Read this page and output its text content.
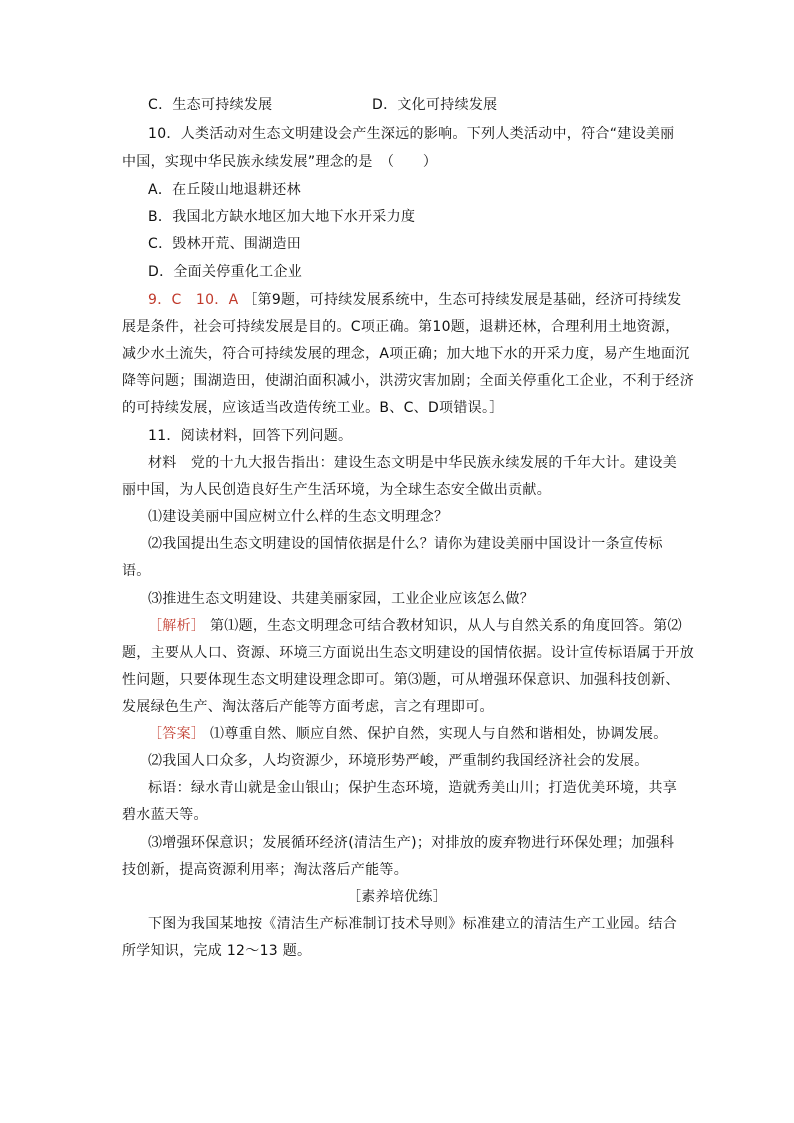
C．生态可持续发展	D．文化可持续发展
10．人类活动对生态文明建设会产生深远的影响。下列人类活动中，符合“建设美丽
中国，实现中华民族永续发展”理念的是　（　　）
A．在丘陵山地退耕还林
B．我国北方缺水地区加大地下水开采力度
C．毁林开荒、围湖造田
D．全面关停重化工企业
9．C　10．A ［第9题，可持续发展系统中，生态可持续发展是基础，经济可持续发
展是条件，社会可持续发展是目的。C项正确。第10题，退耕还林，合理利用土地资源，
减少水土流失，符合可持续发展的理念，A项正确；加大地下水的开采力度，易产生地面沉
降等问题；围湖造田，使湖泊面积减小，洪涝灾害加剧；全面关停重化工企业，不利于经济
的可持续发展，应该适当改造传统工业。B、C、D项错误。］
11．阅读材料，回答下列问题。
材料　党的十九大报告指出：建设生态文明是中华民族永续发展的千年大计。建设美
丽中国，为人民创造良好生产生活环境，为全球生态安全做出贡献。
⑴建设美丽中国应树立什么样的生态文明理念？
⑵我国提出生态文明建设的国情依据是什么？请你为建设美丽中国设计一条宣传标
语。
⑶推进生态文明建设、共建美丽家园，工业企业应该怎么做？
［解析］ 第⑴题，生态文明理念可结合教材知识，从人与自然关系的角度回答。第⑵
题，主要从人口、资源、环境三方面说出生态文明建设的国情依据。设计宣传标语属于开放
性问题，只要体现生态文明建设理念即可。第⑶题，可从增强环保意识、加强科技创新、
发展绿色生产、淘汰落后产能等方面考虑，言之有理即可。
［答案］ ⑴尊重自然、顺应自然、保护自然，实现人与自然和谐相处，协调发展。
⑵我国人口众多，人均资源少，环境形势严峻，严重制约我国经济社会的发展。
标语：绿水青山就是金山银山；保护生态环境，造就秀美山川；打造优美环境，共享
碧水蓝天等。
⑶增强环保意识；发展循环经济(清洁生产)；对排放的废弃物进行环保处理；加强科
技创新，提高资源利用率；淘汰落后产能等。
［素养培优练］
下图为我国某地按《清洁生产标准制订技术导则》标准建立的清洁生产工业园。结合
所学知识，完成 12～13 题。
